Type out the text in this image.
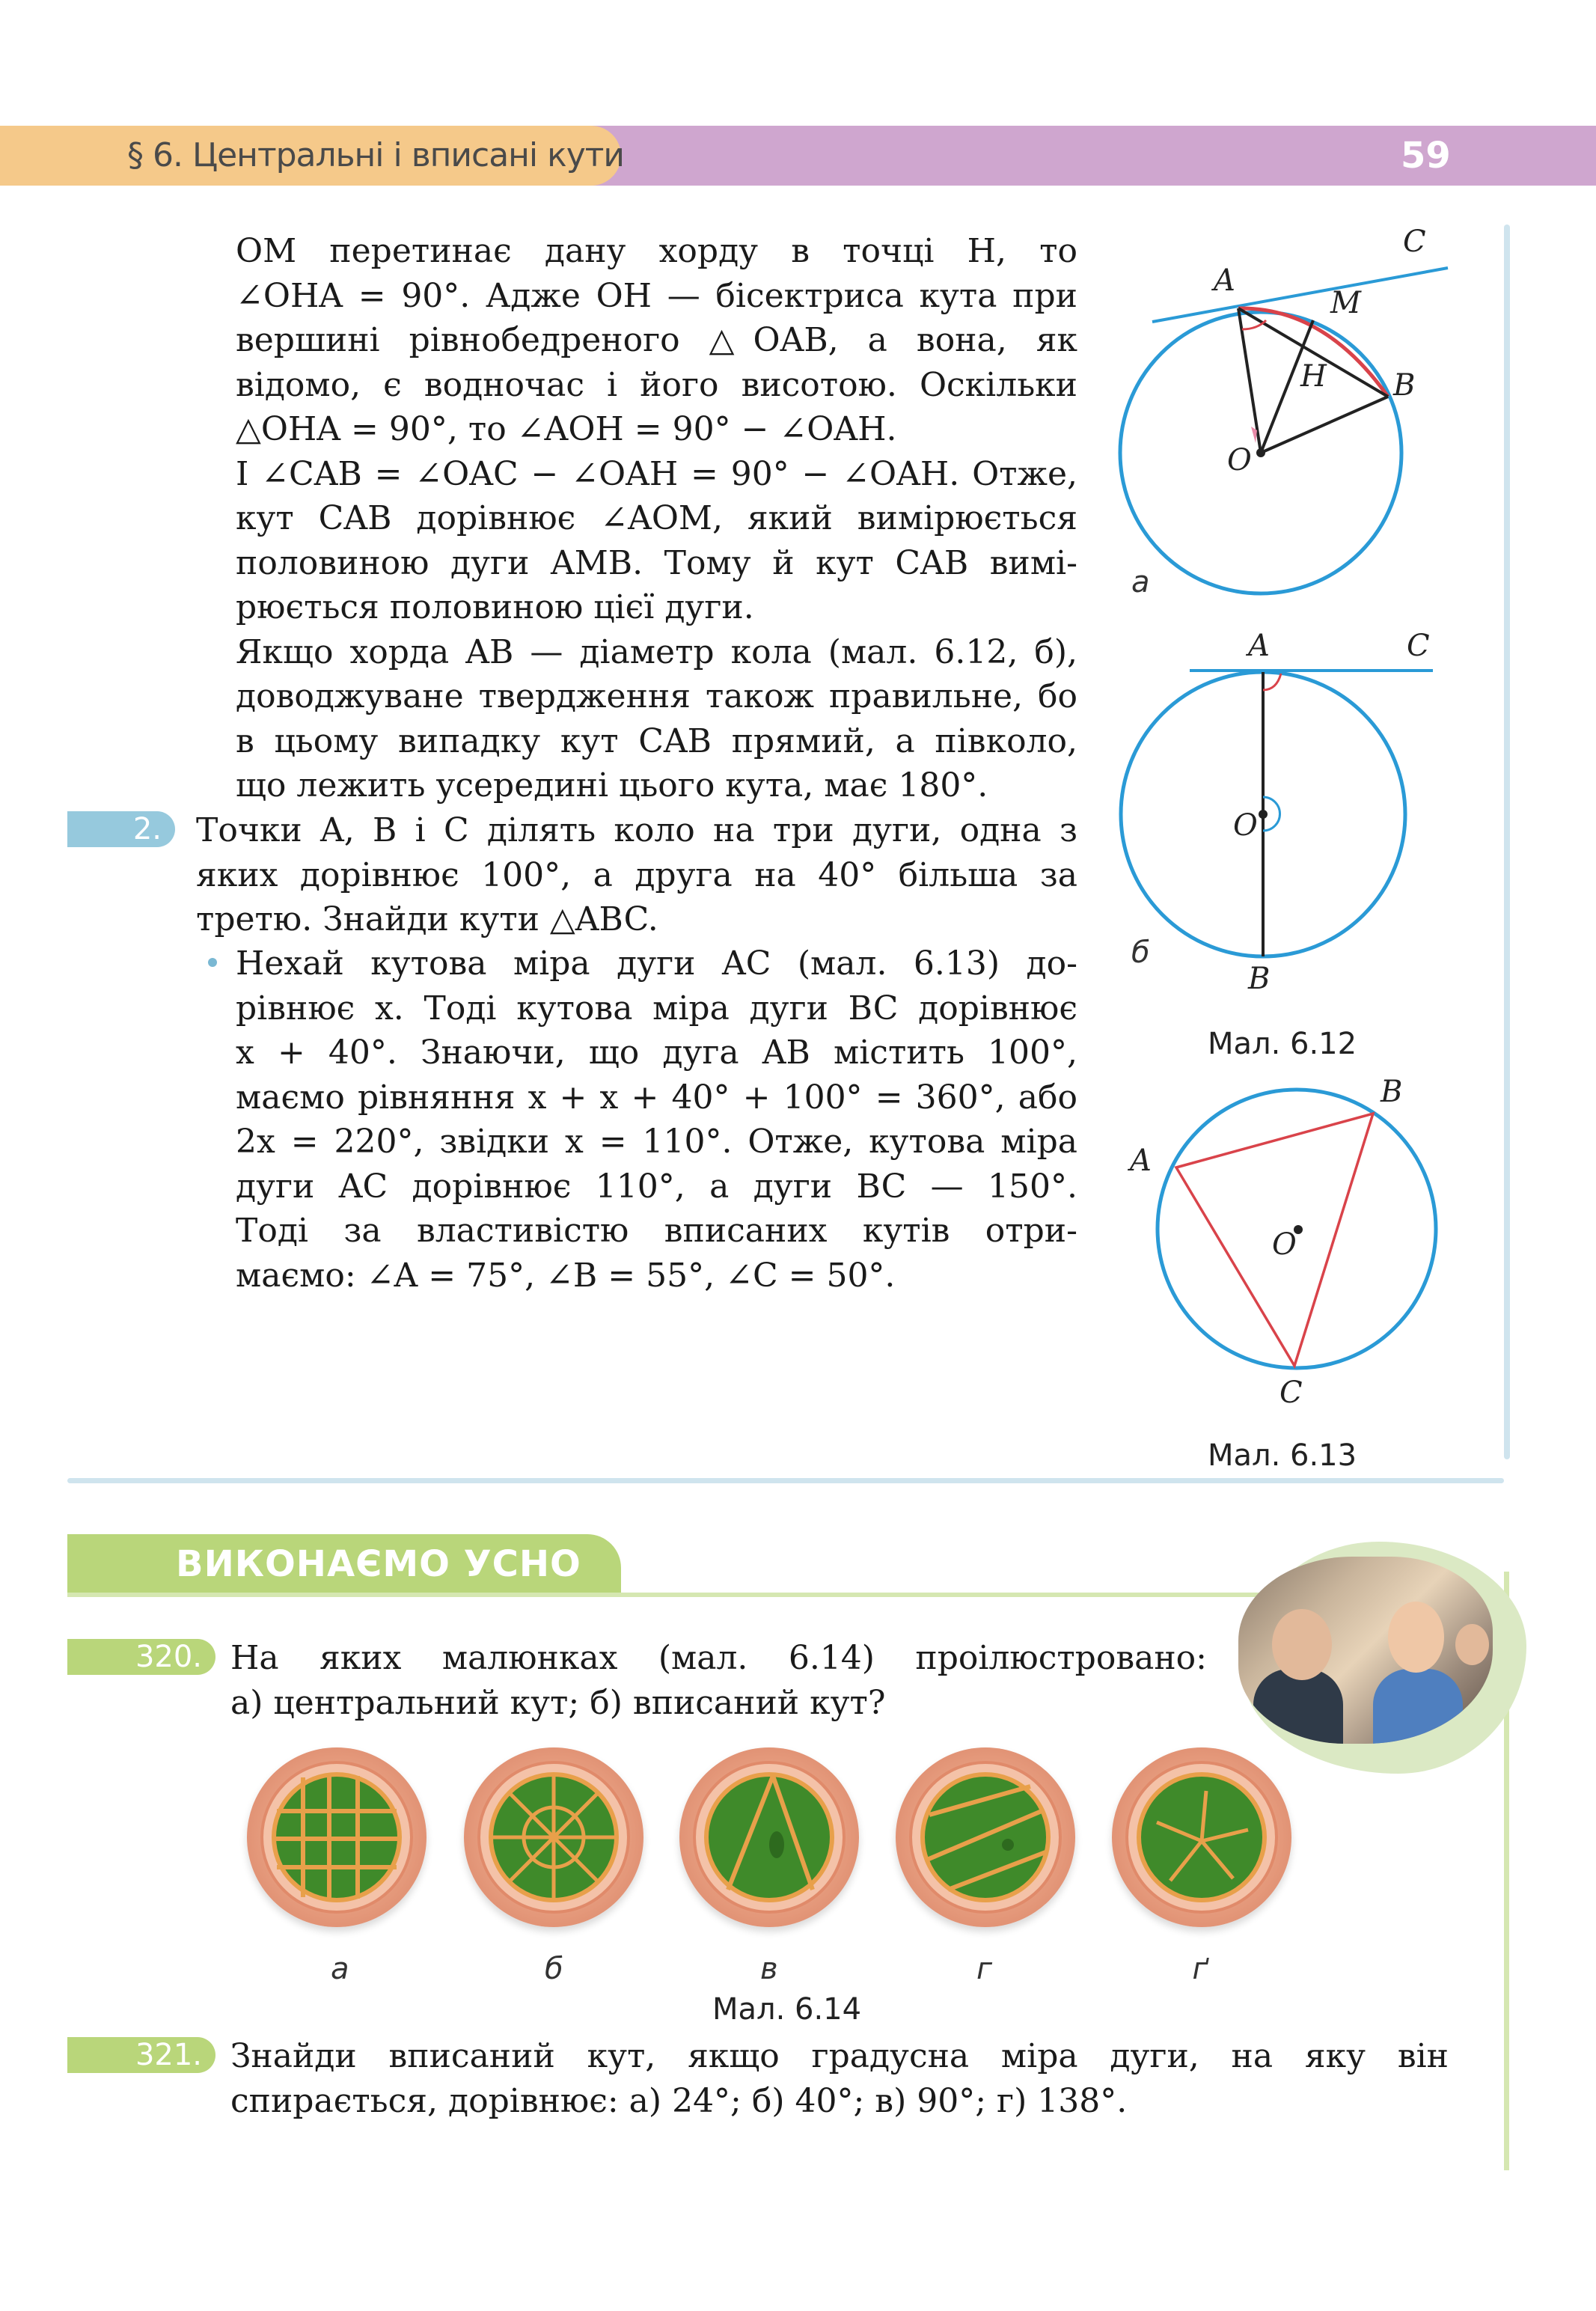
§ 6. Центральні і вписані кути	59

OM перетинає дану хорду в точці H, то

∠OHA = 90°. Адже OH — бісектриса кута при

вершині рівнобедреного △OAB, а вона, як

відомо, є водночас і його висотою. Оскільки

△OHA = 90°, то ∠AOH = 90° − ∠OAH.

І ∠CAB = ∠OAC − ∠OAH = 90° − ∠OAH. Отже,

кут CAB дорівнює ∠AOM, який вимірюється

половиною дуги AMB. Тому й кут CAB вимі-

рюється половиною цієї дуги.

Якщо хорда AB — діаметр кола (мал. 6.12, б),

доводжуване твердження також правильне, бо

в цьому випадку кут CAB прямий, а півколо,

що лежить усередині цього кута, має 180°.

2.	Точки A, B і C ділять коло на три дуги, одна з

яких дорівнює 100°, а друга на 40° більша за

третю. Знайди кути △ABC.

Нехай кутова міра дуги AC (мал. 6.13) до-

рівнює x. Тоді кутова міра дуги BC дорівнює

x + 40°. Знаючи, що дуга AB містить 100°,

маємо рівняння x + x + 40° + 100° = 360°, або

2x = 220°, звідки x = 110°. Отже, кутова міра

дуги AC дорівнює 110°, а дуги BC — 150°.

Тоді за властивістю вписаних кутів отри-

маємо: ∠A = 75°, ∠B = 55°, ∠C = 50°.

C
A
M
H B
O
а
A	C
O
B
б
Мал. 6.12
B
A
O
C
Мал. 6.13
ВИКОНАЄМО УСНО
320. На яких малюнках (мал. 6.14) проілюстровано:

а) центральний кут; б) вписаний кут?

а	б	в	г	ґ
Мал. 6.14
321. Знайди вписаний кут, якщо градусна міра дуги, на яку він

спирається, дорівнює: а) 24°; б) 40°; в) 90°; г) 138°.
